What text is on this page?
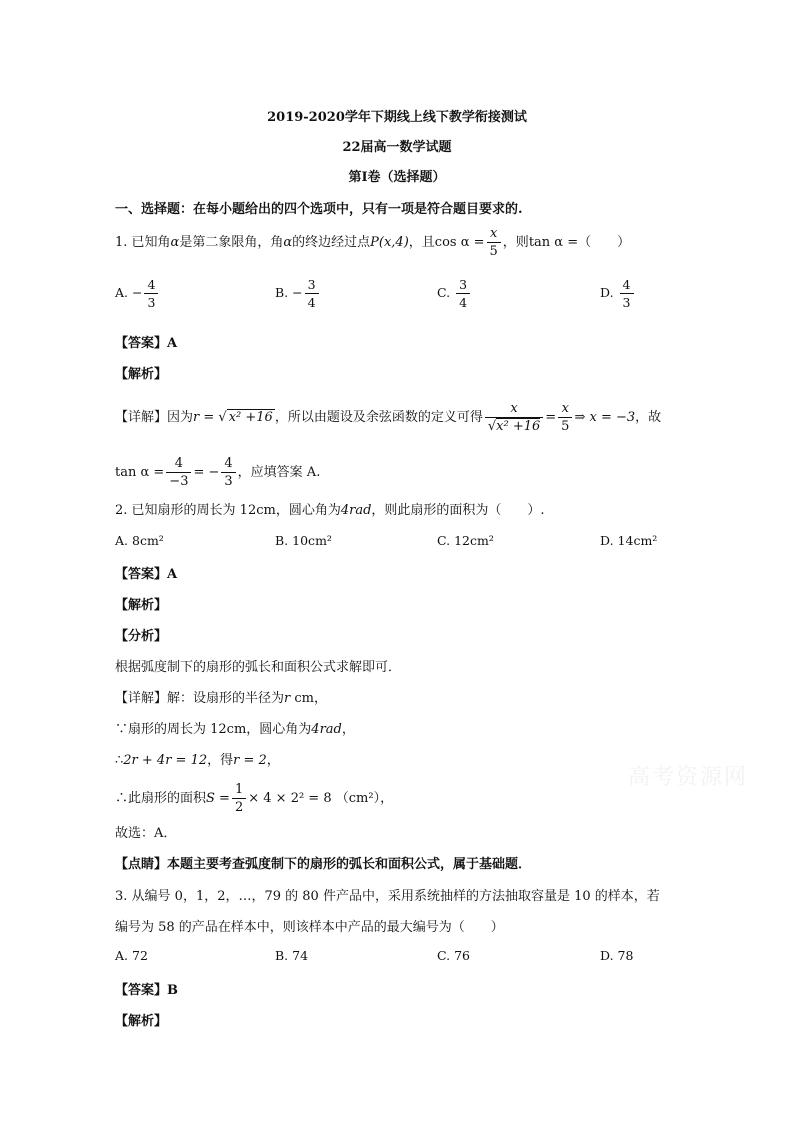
2019-2020学年下期线上线下教学衔接测试
22届高一数学试题
第Ⅰ卷（选择题）
一、选择题：在每小题给出的四个选项中，只有一项是符合题目要求的.
1. 已知角α是第二象限角，角α的终边经过点P(x,4)，且$\cos \alpha = \frac{x}{5}$ ，则tan α =（　　）
A. − $\frac{4}{3}$	B. − $\frac{3}{4}$	C. $\frac{3}{4}$	D. $\frac{4}{3}$
【答案】A
【解析】
【详解】因为r = √ x² +16 ，所以由题设及余弦函数的定义可得 $\frac{x}{\text{√x² +16}} = \frac{x}{5}$ ⇒ x = −3，故
$\tan \alpha = \frac{4}{-3}$ = − $\frac{4}{3}$ ，应填答案 A.
2. 已知扇形的周长为 12cm，圆心角为4rad，则此扇形的面积为（　　）.
A. 8cm²	B. 10cm²	C. 12cm²	D. 14cm²
【答案】A
【解析】
【分析】
根据弧度制下的扇形的弧长和面积公式求解即可．
【详解】解：设扇形的半径为r cm，
∵扇形的周长为 12cm，圆心角为4rad，
∴2r + 4r = 12，得r = 2，
∴此扇形的面积$S = \frac{1}{2} \times 4 \times 2^2 = 8$ （cm²），
故选：A．
【点睛】本题主要考查弧度制下的扇形的弧长和面积公式，属于基础题．
3. 从编号 0，1，2，…，79 的 80 件产品中，采用系统抽样的方法抽取容量是 10 的样本，若
编号为 58 的产品在样本中，则该样本中产品的最大编号为（　　）
A. 72	B. 74	C. 76	D. 78
【答案】B
【解析】
高考资源网
